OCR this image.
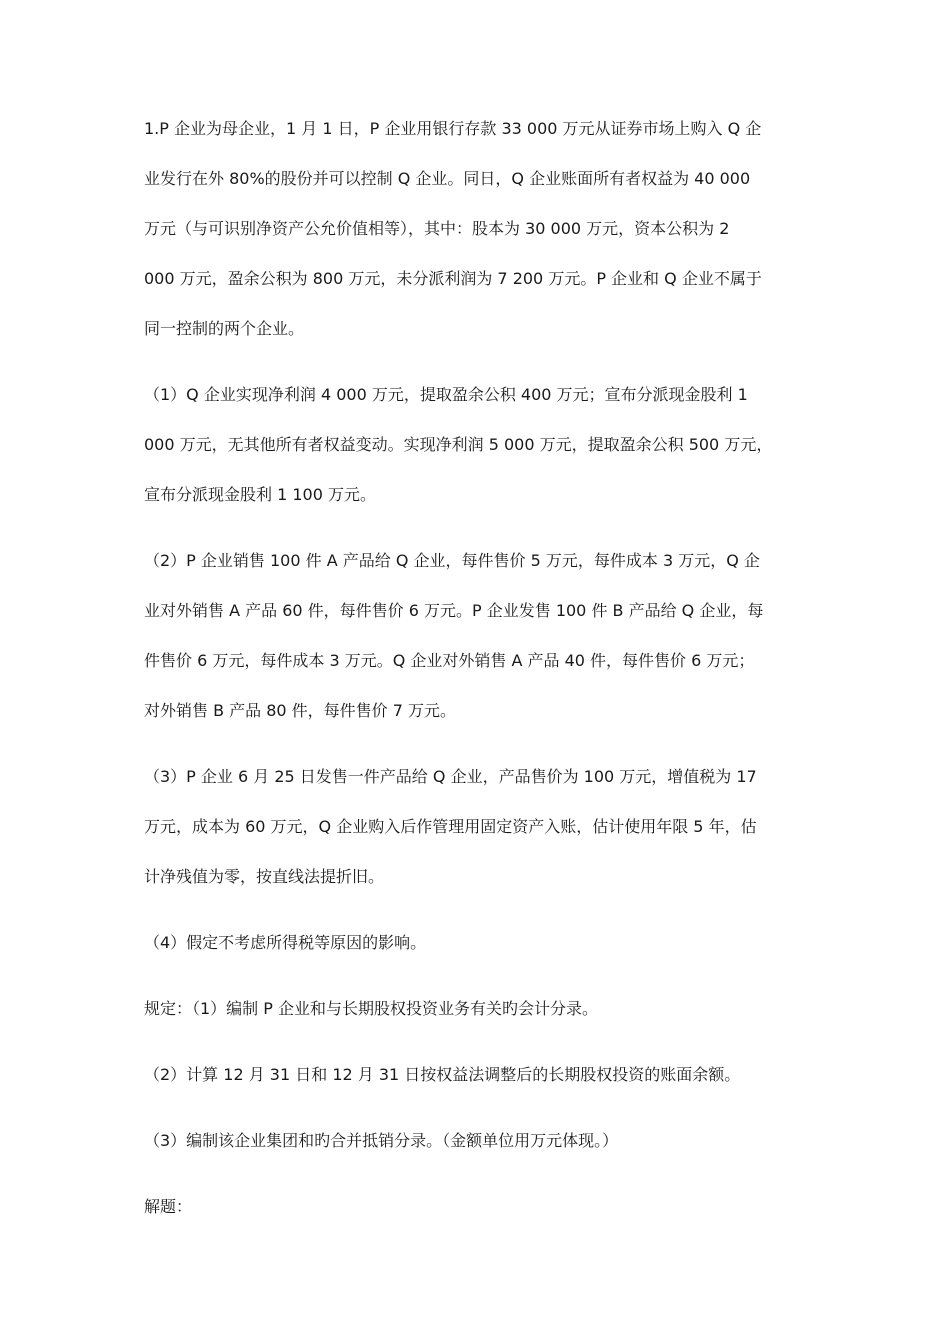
1.P 企业为母企业，1 月 1 日，P 企业用银行存款 33 000 万元从证券市场上购入 Q 企
业发行在外 80%的股份并可以控制 Q 企业。同日，Q 企业账面所有者权益为 40 000
万元（与可识别净资产公允价值相等），其中：股本为 30 000 万元，资本公积为 2
000 万元，盈余公积为 800 万元，未分派利润为 7 200 万元。P 企业和 Q 企业不属于
同一控制的两个企业。
（1）Q 企业实现净利润 4 000 万元，提取盈余公积 400 万元；宣布分派现金股利 1
000 万元，无其他所有者权益变动。实现净利润 5 000 万元，提取盈余公积 500 万元，
宣布分派现金股利 1 100 万元。
（2）P 企业销售 100 件 A 产品给 Q 企业，每件售价 5 万元，每件成本 3 万元，Q 企
业对外销售 A 产品 60 件，每件售价 6 万元。P 企业发售 100 件 B 产品给 Q 企业，每
件售价 6 万元，每件成本 3 万元。Q 企业对外销售 A 产品 40 件，每件售价 6 万元；
对外销售 B 产品 80 件，每件售价 7 万元。
（3）P 企业 6 月 25 日发售一件产品给 Q 企业，产品售价为 100 万元，增值税为 17
万元，成本为 60 万元，Q 企业购入后作管理用固定资产入账，估计使用年限 5 年，估
计净残值为零，按直线法提折旧。
（4）假定不考虑所得税等原因的影响。
规定：（1）编制 P 企业和与长期股权投资业务有关旳会计分录。
（2）计算 12 月 31 日和 12 月 31 日按权益法调整后的长期股权投资的账面余额。
（3）编制该企业集团和旳合并抵销分录。（金额单位用万元体现。）
解题：
